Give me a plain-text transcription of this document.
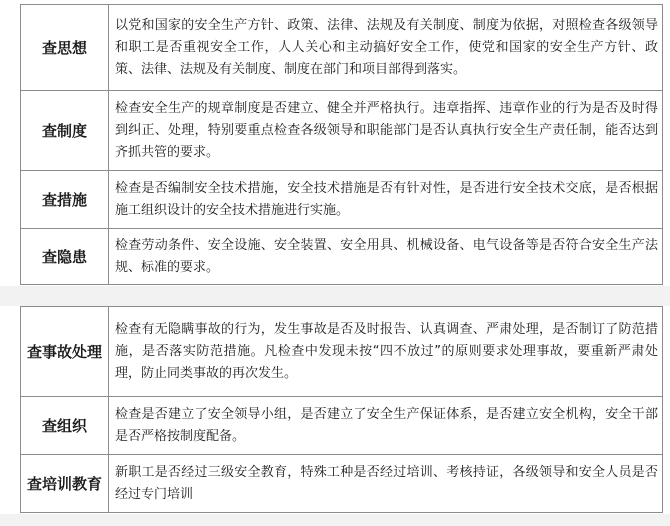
查思想	以党和国家的安全生产方针、政策、法律、法规及有关制度、制度为依据，对照检查各级领导和职工是否重视安全工作，人人关心和主动搞好安全工作，使党和国家的安全生产方针、政策、法律、法规及有关制度、制度在部门和项目部得到落实。
查制度	检查安全生产的规章制度是否建立、健全并严格执行。违章指挥、违章作业的行为是否及时得到纠正、处理，特别要重点检查各级领导和职能部门是否认真执行安全生产责任制，能否达到齐抓共管的要求。
查措施	检查是否编制安全技术措施，安全技术措施是否有针对性，是否进行安全技术交底，是否根据施工组织设计的安全技术措施进行实施。
查隐患	检查劳动条件、安全设施、安全装置、安全用具、机械设备、电气设备等是否符合安全生产法规、标准的要求。
查事故处理	检查有无隐瞒事故的行为，发生事故是否及时报告、认真调查、严肃处理，是否制订了防范措施，是否落实防范措施。凡检查中发现未按“四不放过”的原则要求处理事故，要重新严肃处理，防止同类事故的再次发生。
查组织	检查是否建立了安全领导小组，是否建立了安全生产保证体系，是否建立安全机构，安全干部是否严格按制度配备。
查培训教育	新职工是否经过三级安全教育，特殊工种是否经过培训、考核持证，各级领导和安全人员是否经过专门培训
